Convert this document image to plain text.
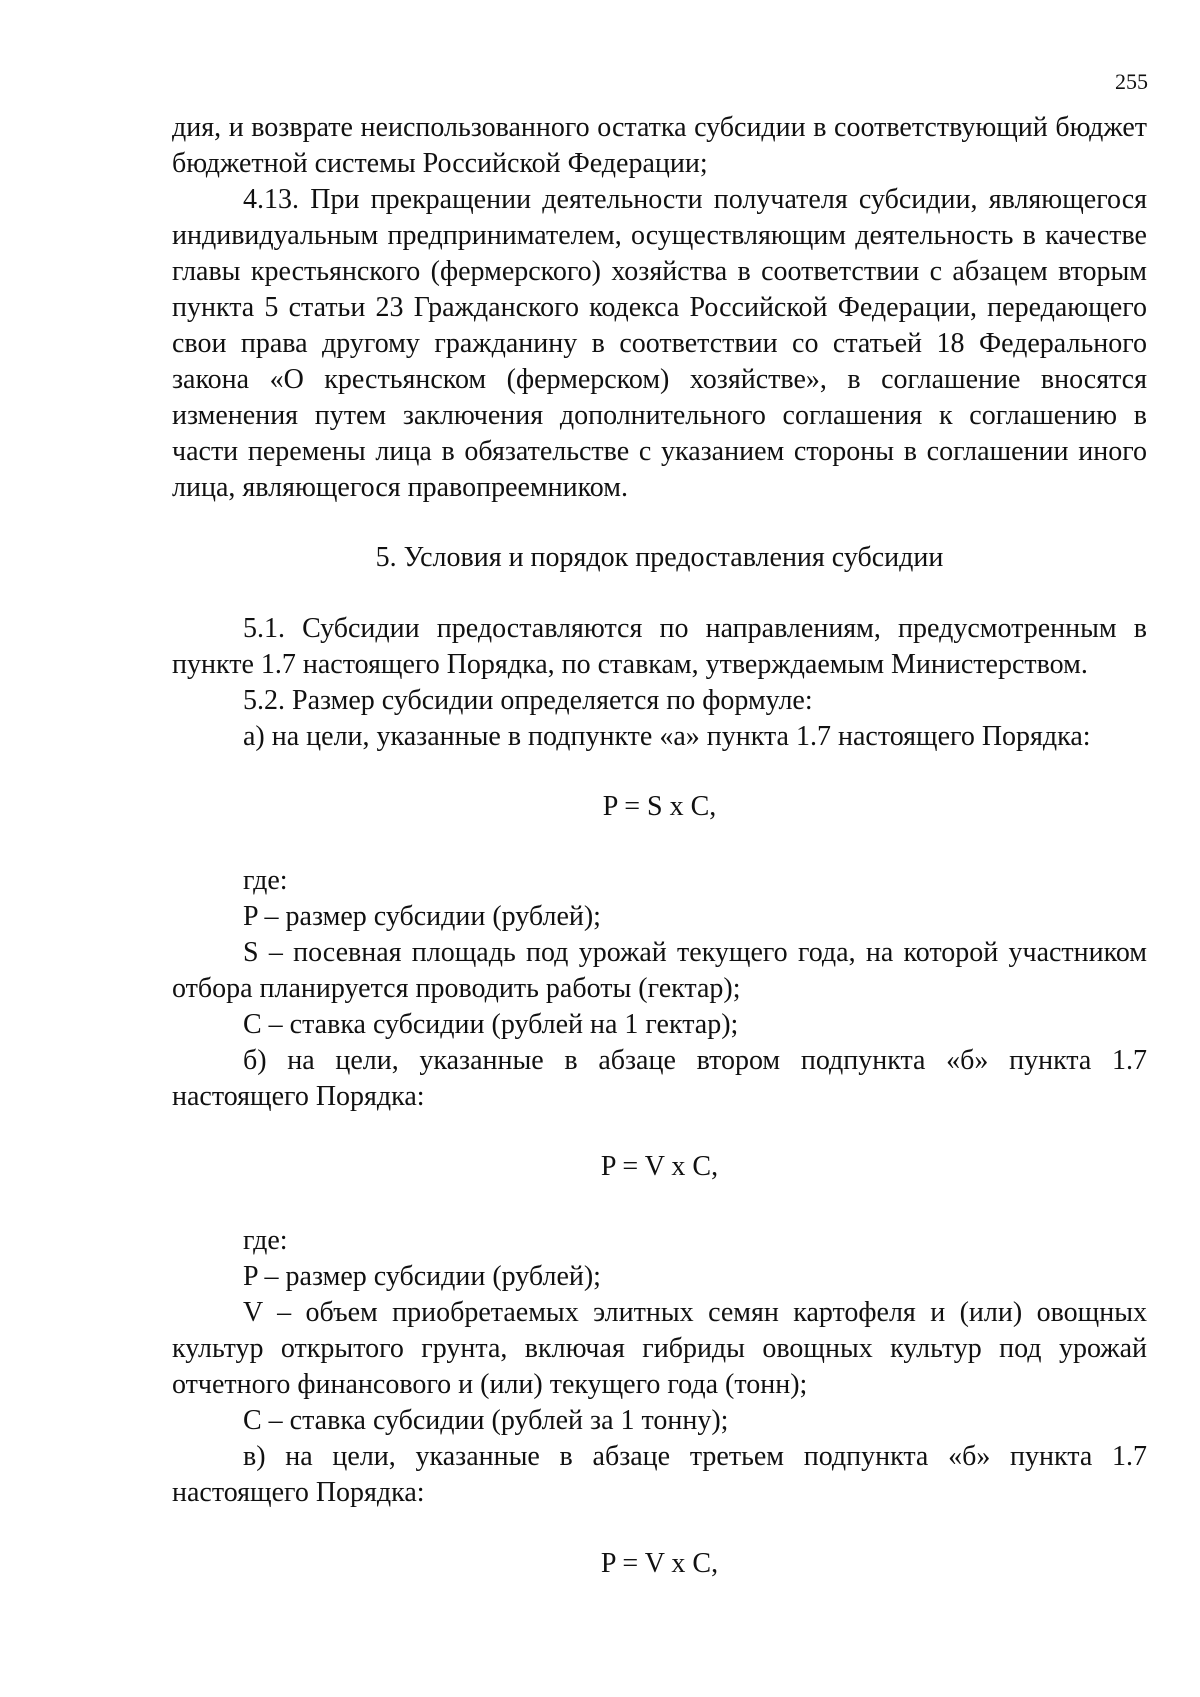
255

дия, и возврате неиспользованного остатка субсидии в соответствующий бюджет бюджетной системы Российской Федерации;

4.13. При прекращении деятельности получателя субсидии, являющегося индивидуальным предпринимателем, осуществляющим деятельность в качестве главы крестьянского (фермерского) хозяйства в соответствии с абзацем вторым пункта 5 статьи 23 Гражданского кодекса Российской Федерации, передающего свои права другому гражданину в соответствии со статьей 18 Федерального закона «О крестьянском (фермерском) хозяйстве», в соглашение вносятся изменения путем заключения дополнительного соглашения к соглашению в части перемены лица в обязательстве с указанием стороны в соглашении иного лица, являющегося правопреемником.

5. Условия и порядок предоставления субсидии

5.1. Субсидии предоставляются по направлениям, предусмотренным в пункте 1.7 настоящего Порядка, по ставкам, утверждаемым Министерством.

5.2. Размер субсидии определяется по формуле:

а) на цели, указанные в подпункте «а» пункта 1.7 настоящего Порядка:

P = S x C,

где:

P – размер субсидии (рублей);

S – посевная площадь под урожай текущего года, на которой участником отбора планируется проводить работы (гектар);

C – ставка субсидии (рублей на 1 гектар);

б) на цели, указанные в абзаце втором подпункта «б» пункта 1.7 настоящего Порядка:

P = V x C,

где:

P – размер субсидии (рублей);

V – объем приобретаемых элитных семян картофеля и (или) овощных культур открытого грунта, включая гибриды овощных культур под урожай отчетного финансового и (или) текущего года (тонн);

C – ставка субсидии (рублей за 1 тонну);

в) на цели, указанные в абзаце третьем подпункта «б» пункта 1.7 настоящего Порядка:

P = V x C,
